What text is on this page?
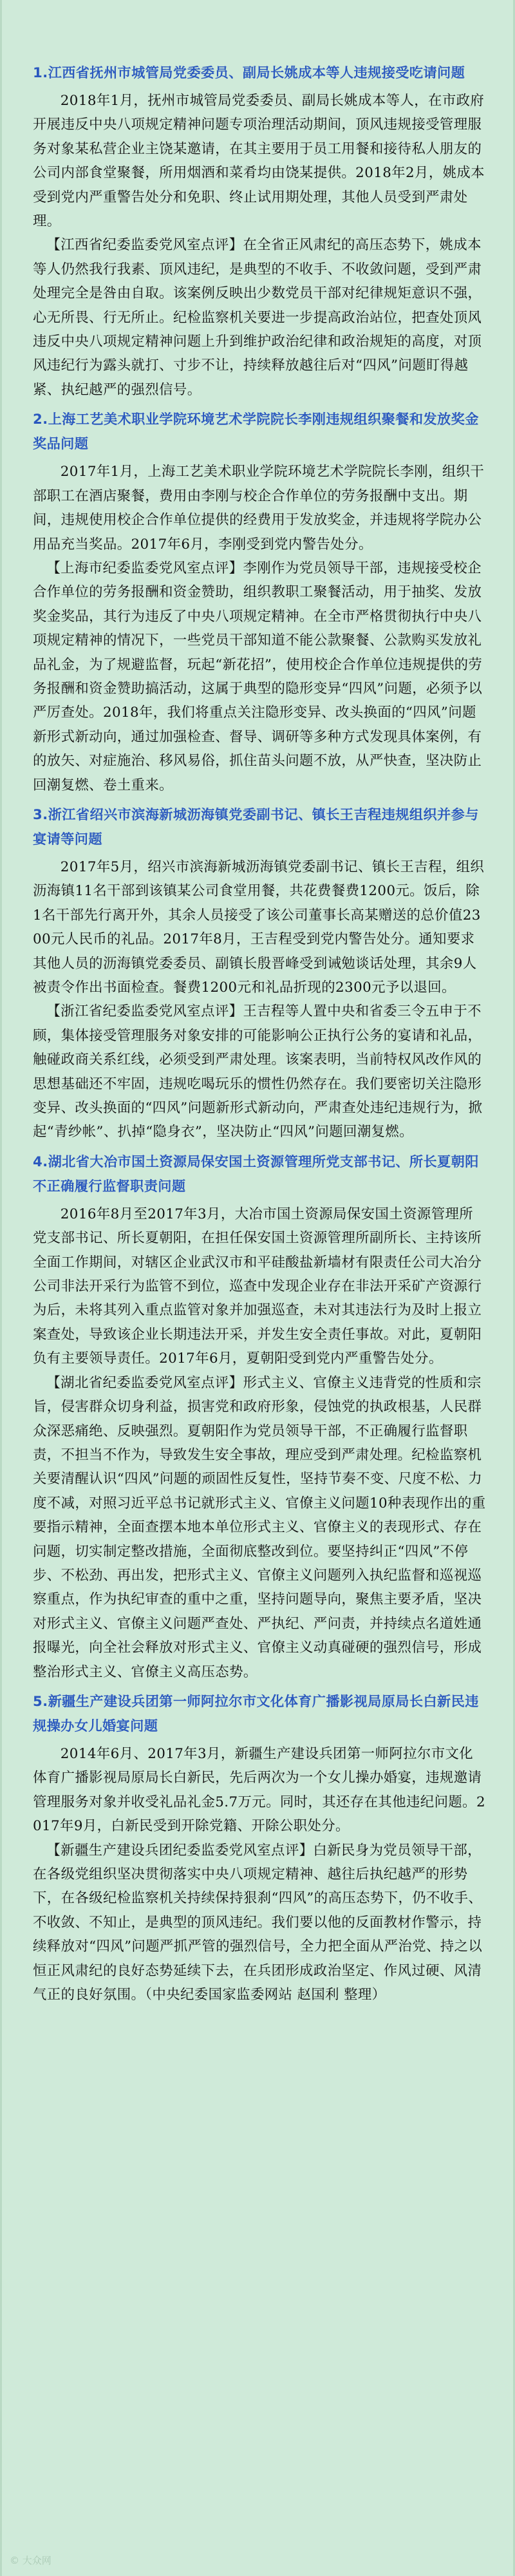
1.江西省抚州市城管局党委委员、副局长姚成本等人违规接受吃请问题

2018年1月，抚州市城管局党委委员、副局长姚成本等人，在市政府开展违反中央八项规定精神问题专项治理活动期间，顶风违规接受管理服务对象某私营企业主饶某邀请，在其主要用于员工用餐和接待私人朋友的公司内部食堂聚餐，所用烟酒和菜肴均由饶某提供。2018年2月，姚成本受到党内严重警告处分和免职、终止试用期处理，其他人员受到严肃处理。

【江西省纪委监委党风室点评】在全省正风肃纪的高压态势下，姚成本等人仍然我行我素、顶风违纪，是典型的不收手、不收敛问题，受到严肃处理完全是咎由自取。该案例反映出少数党员干部对纪律规矩意识不强，心无所畏、行无所止。纪检监察机关要进一步提高政治站位，把查处顶风违反中央八项规定精神问题上升到维护政治纪律和政治规矩的高度，对顶风违纪行为露头就打、寸步不让，持续释放越往后对“四风”问题盯得越紧、执纪越严的强烈信号。

2.上海工艺美术职业学院环境艺术学院院长李刚违规组织聚餐和发放奖金奖品问题

2017年1月，上海工艺美术职业学院环境艺术学院院长李刚，组织干部职工在酒店聚餐，费用由李刚与校企合作单位的劳务报酬中支出。期间，违规使用校企合作单位提供的经费用于发放奖金，并违规将学院办公用品充当奖品。2017年6月，李刚受到党内警告处分。

【上海市纪委监委党风室点评】李刚作为党员领导干部，违规接受校企合作单位的劳务报酬和资金赞助，组织教职工聚餐活动，用于抽奖、发放奖金奖品，其行为违反了中央八项规定精神。在全市严格贯彻执行中央八项规定精神的情况下，一些党员干部知道不能公款聚餐、公款购买发放礼品礼金，为了规避监督，玩起“新花招”，使用校企合作单位违规提供的劳务报酬和资金赞助搞活动，这属于典型的隐形变异“四风”问题，必须予以严厉查处。2018年，我们将重点关注隐形变异、改头换面的“四风”问题新形式新动向，通过加强检查、督导、调研等多种方式发现具体案例，有的放矢、对症施治、移风易俗，抓住苗头问题不放，从严快查，坚决防止回潮复燃、卷土重来。

3.浙江省绍兴市滨海新城沥海镇党委副书记、镇长王吉程违规组织并参与宴请等问题

2017年5月，绍兴市滨海新城沥海镇党委副书记、镇长王吉程，组织沥海镇11名干部到该镇某公司食堂用餐，共花费餐费1200元。饭后，除1名干部先行离开外，其余人员接受了该公司董事长高某赠送的总价值2300元人民币的礼品。2017年8月，王吉程受到党内警告处分。通知要求其他人员的沥海镇党委委员、副镇长殷晋峰受到诫勉谈话处理，其余9人被责令作出书面检查。餐费1200元和礼品折现的2300元予以退回。

【浙江省纪委监委党风室点评】王吉程等人置中央和省委三令五申于不顾，集体接受管理服务对象安排的可能影响公正执行公务的宴请和礼品，触碰政商关系红线，必须受到严肃处理。该案表明，当前特权风改作风的思想基础还不牢固，违规吃喝玩乐的惯性仍然存在。我们要密切关注隐形变异、改头换面的“四风”问题新形式新动向，严肃查处违纪违规行为，掀起“青纱帐”、扒掉“隐身衣”，坚决防止“四风”问题回潮复燃。

4.湖北省大冶市国土资源局保安国土资源管理所党支部书记、所长夏朝阳不正确履行监督职责问题

2016年8月至2017年3月，大冶市国土资源局保安国土资源管理所党支部书记、所长夏朝阳，在担任保安国土资源管理所副所长、主持该所全面工作期间，对辖区企业武汉市和平硅酸盐新墙材有限责任公司大冶分公司非法开采行为监管不到位，巡查中发现企业存在非法开采矿产资源行为后，未将其列入重点监管对象并加强巡查，未对其违法行为及时上报立案查处，导致该企业长期违法开采，并发生安全责任事故。对此，夏朝阳负有主要领导责任。2017年6月，夏朝阳受到党内严重警告处分。

【湖北省纪委监委党风室点评】形式主义、官僚主义违背党的性质和宗旨，侵害群众切身利益，损害党和政府形象，侵蚀党的执政根基，人民群众深恶痛绝、反映强烈。夏朝阳作为党员领导干部，不正确履行监督职责，不担当不作为，导致发生安全事故，理应受到严肃处理。纪检监察机关要清醒认识“四风”问题的顽固性反复性，坚持节奏不变、尺度不松、力度不减，对照习近平总书记就形式主义、官僚主义问题10种表现作出的重要指示精神，全面查摆本地本单位形式主义、官僚主义的表现形式、存在问题，切实制定整改措施，全面彻底整改到位。要坚持纠正“四风”不停步、不松劲、再出发，把形式主义、官僚主义问题列入执纪监督和巡视巡察重点，作为执纪审查的重中之重，坚持问题导向，聚焦主要矛盾，坚决对形式主义、官僚主义问题严查处、严执纪、严问责，并持续点名道姓通报曝光，向全社会释放对形式主义、官僚主义动真碰硬的强烈信号，形成整治形式主义、官僚主义高压态势。

5.新疆生产建设兵团第一师阿拉尔市文化体育广播影视局原局长白新民违规操办女儿婚宴问题

2014年6月、2017年3月，新疆生产建设兵团第一师阿拉尔市文化体育广播影视局原局长白新民，先后两次为一个女儿操办婚宴，违规邀请管理服务对象并收受礼品礼金5.7万元。同时，其还存在其他违纪问题。2017年9月，白新民受到开除党籍、开除公职处分。

【新疆生产建设兵团纪委监委党风室点评】白新民身为党员领导干部，在各级党组织坚决贯彻落实中央八项规定精神、越往后执纪越严的形势下，在各级纪检监察机关持续保持狠刹“四风”的高压态势下，仍不收手、不收敛、不知止，是典型的顶风违纪。我们要以他的反面教材作警示，持续释放对“四风”问题严抓严管的强烈信号，全力把全面从严治党、持之以恒正风肃纪的良好态势延续下去，在兵团形成政治坚定、作风过硬、风清气正的良好氛围。（中央纪委国家监委网站 赵国利 整理）

© 大众网
